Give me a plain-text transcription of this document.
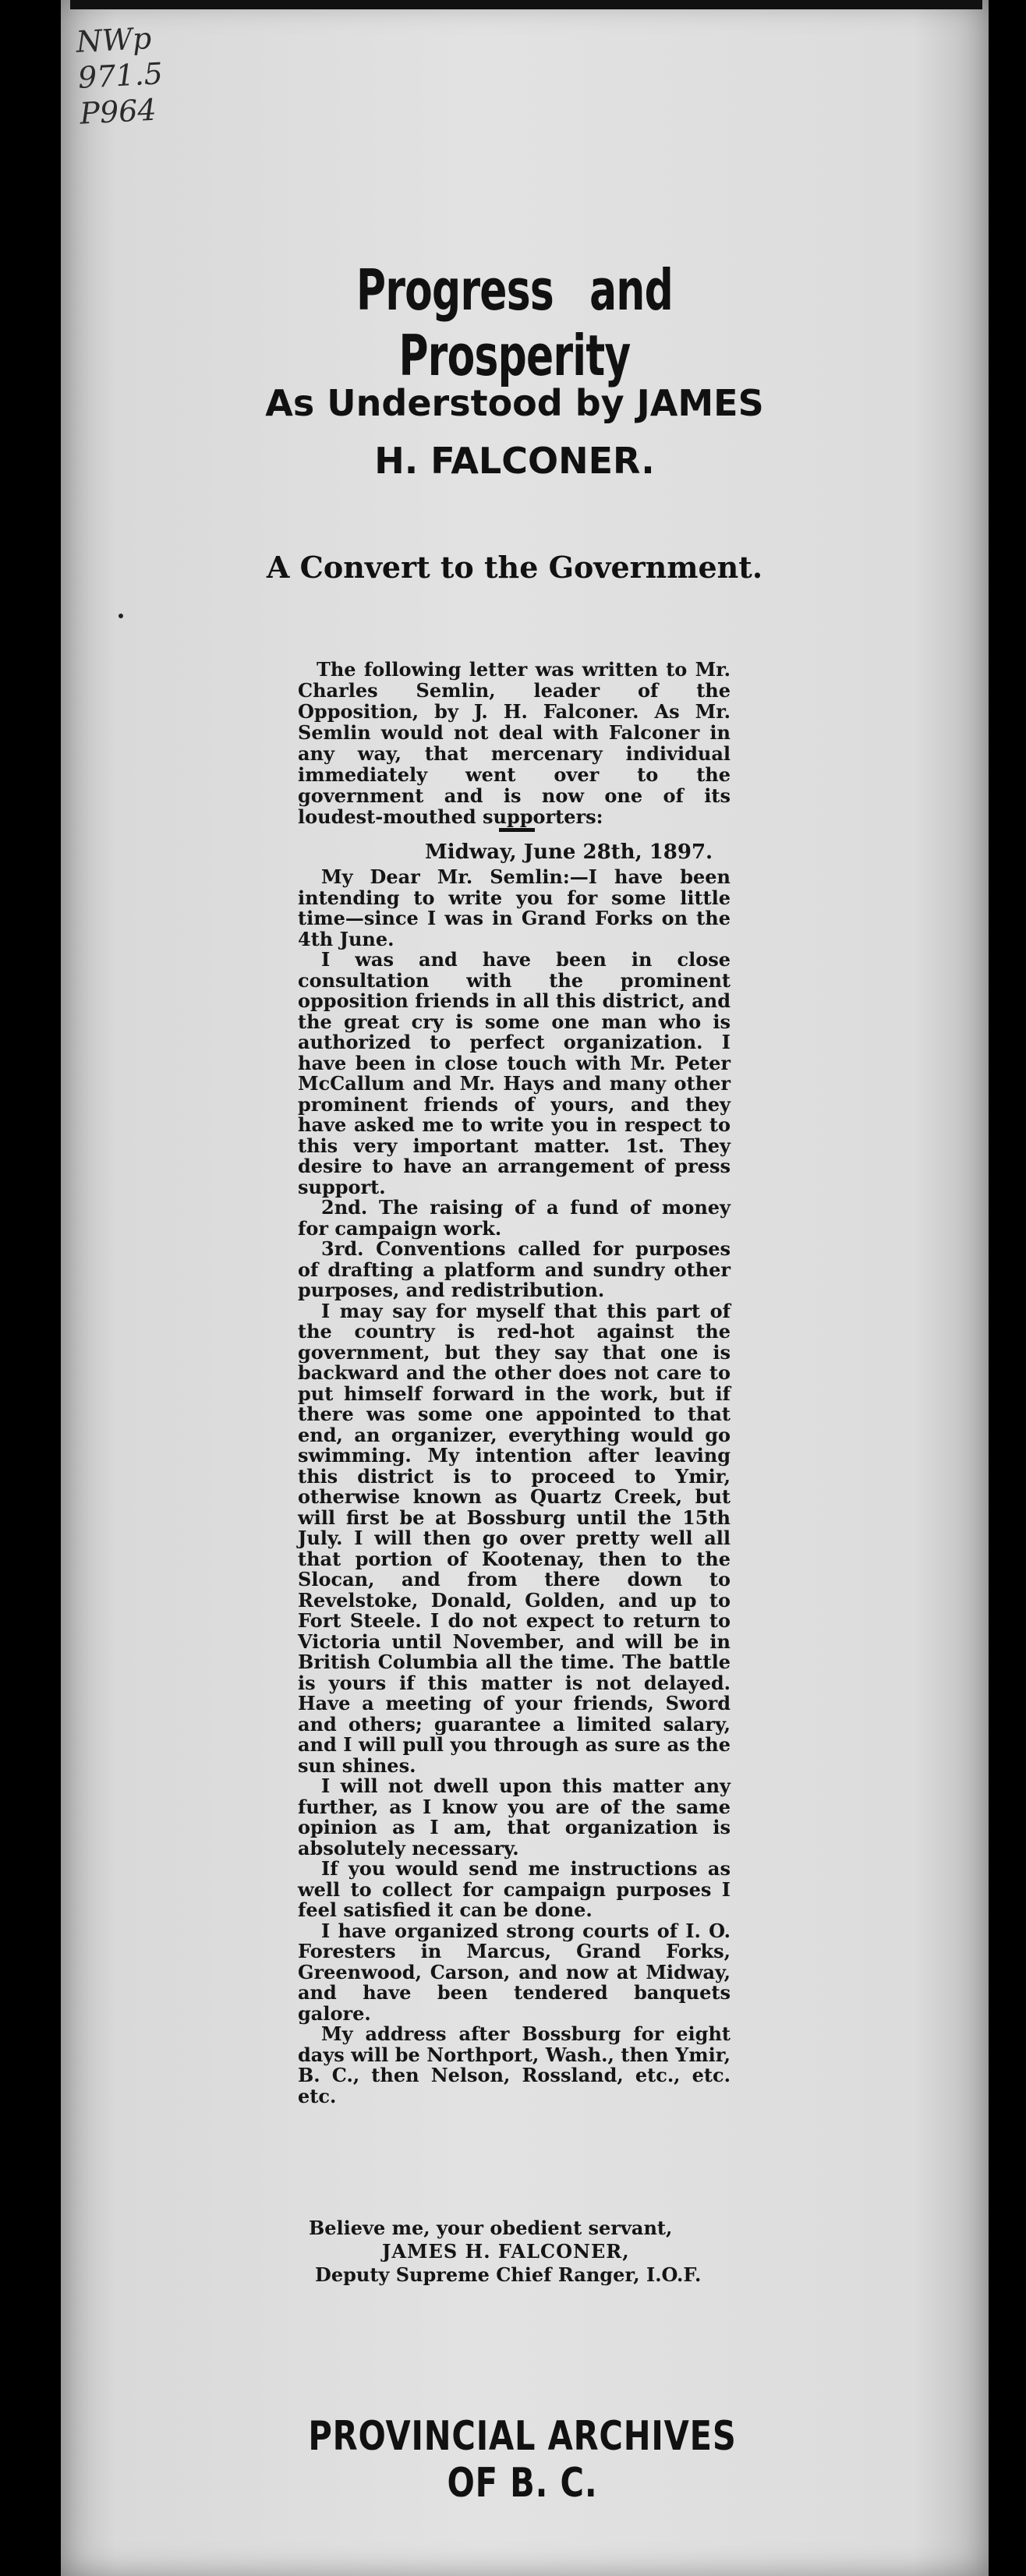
NWp
971.5
P964
Progress and Prosperity
As Understood by JAMES
H. FALCONER.
A Convert to the Government.
The following letter was written to Mr. Charles Semlin, leader of the Opposition, by J. H. Falconer. As Mr. Semlin would not deal with Falconer in any way, that mercenary individual immediately went over to the government and is now one of its loudest-mouthed supporters:
Midway, June 28th, 1897.

My Dear Mr. Semlin:—I have been intending to write you for some little time—since I was in Grand Forks on the 4th June.

I was and have been in close consultation with the prominent opposition friends in all this district, and the great cry is some one man who is authorized to perfect organization. I have been in close touch with Mr. Peter McCallum and Mr. Hays and many other prominent friends of yours, and they have asked me to write you in respect to this very important matter. 1st. They desire to have an arrangement of press support.

2nd. The raising of a fund of money for campaign work.

3rd. Conventions called for purposes of drafting a platform and sundry other purposes, and redistribution.

I may say for myself that this part of the country is red-hot against the government, but they say that one is backward and the other does not care to put himself forward in the work, but if there was some one appointed to that end, an organizer, everything would go swimming. My intention after leaving this district is to proceed to Ymir, otherwise known as Quartz Creek, but will first be at Bossburg until the 15th July. I will then go over pretty well all that portion of Kootenay, then to the Slocan, and from there down to Revelstoke, Donald, Golden, and up to Fort Steele. I do not expect to return to Victoria until November, and will be in British Columbia all the time. The battle is yours if this matter is not delayed. Have a meeting of your friends, Sword and others; guarantee a limited salary, and I will pull you through as sure as the sun shines.

I will not dwell upon this matter any further, as I know you are of the same opinion as I am, that organization is absolutely necessary.

If you would send me instructions as well to collect for campaign purposes I feel satisfied it can be done.

I have organized strong courts of I. O. Foresters in Marcus, Grand Forks, Greenwood, Carson, and now at Midway, and have been tendered banquets galore.

My address after Bossburg for eight days will be Northport, Wash., then Ymir, B. C., then Nelson, Rossland, etc., etc. etc.

Believe me, your obedient servant,
JAMES H. FALCONER,
Deputy Supreme Chief Ranger, I.O.F.
PROVINCIAL ARCHIVES OF B. C.
